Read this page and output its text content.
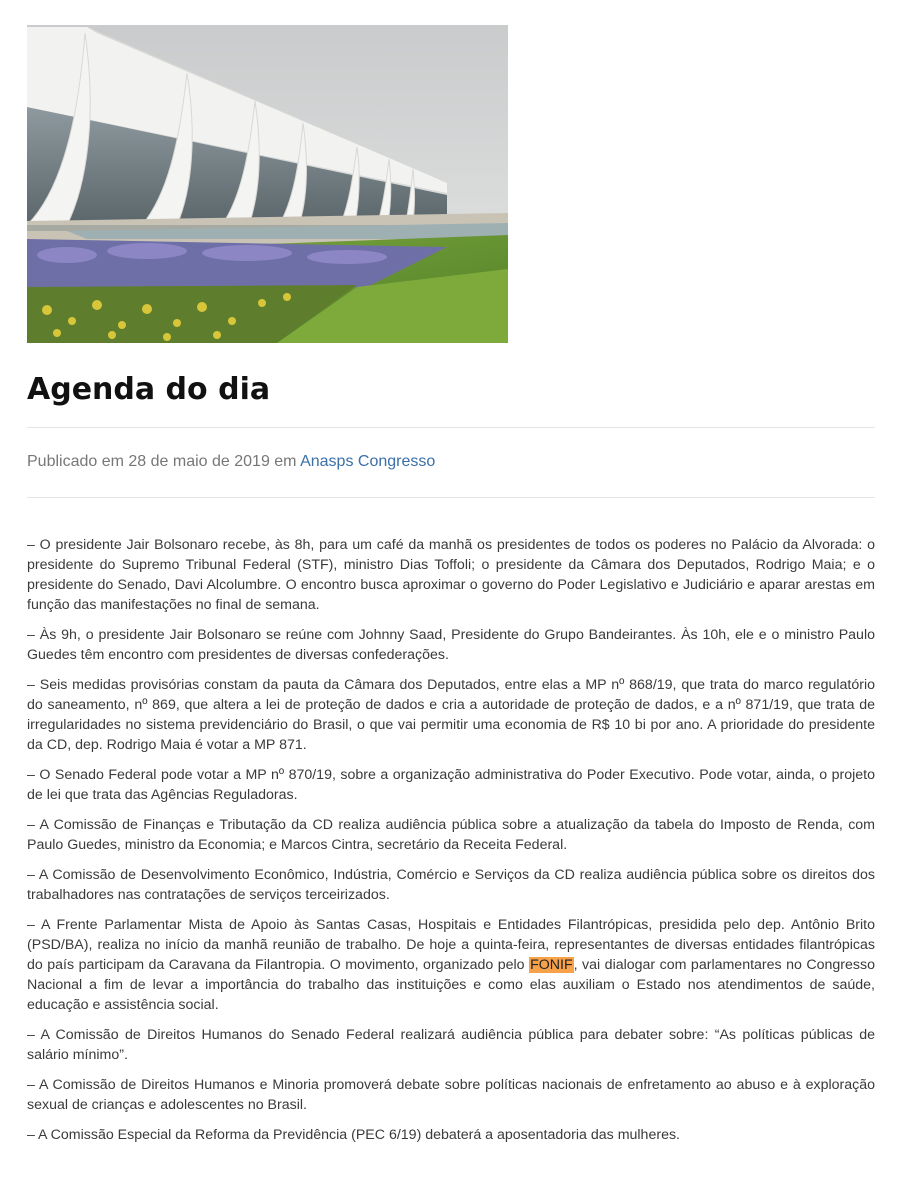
Agenda do dia
Publicado em 28 de maio de 2019 em Anasps Congresso

– O presidente Jair Bolsonaro recebe, às 8h, para um café da manhã os presidentes de todos os poderes no Palácio da Alvorada: o presidente do Supremo Tribunal Federal (STF), ministro Dias Toffoli; o presidente da Câmara dos Deputados, Rodrigo Maia; e o presidente do Senado, Davi Alcolumbre. O encontro busca aproximar o governo do Poder Legislativo e Judiciário e aparar arestas em função das manifestações no final de semana.

– Às 9h, o presidente Jair Bolsonaro se reúne com Johnny Saad, Presidente do Grupo Bandeirantes. Às 10h, ele e o ministro Paulo Guedes têm encontro com presidentes de diversas confederações.

– Seis medidas provisórias constam da pauta da Câmara dos Deputados, entre elas a MP nº 868/19, que trata do marco regulatório do saneamento, nº 869, que altera a lei de proteção de dados e cria a autoridade de proteção de dados, e a nº 871/19, que trata de irregularidades no sistema previdenciário do Brasil, o que vai permitir uma economia de R$ 10 bi por ano. A prioridade do presidente da CD, dep. Rodrigo Maia é votar a MP 871.

– O Senado Federal pode votar a MP nº 870/19, sobre a organização administrativa do Poder Executivo. Pode votar, ainda, o projeto de lei que trata das Agências Reguladoras.

– A Comissão de Finanças e Tributação da CD realiza audiência pública sobre a atualização da tabela do Imposto de Renda, com Paulo Guedes, ministro da Economia; e Marcos Cintra, secretário da Receita Federal.

– A Comissão de Desenvolvimento Econômico, Indústria, Comércio e Serviços da CD realiza audiência pública sobre os direitos dos trabalhadores nas contratações de serviços terceirizados.

– A Frente Parlamentar Mista de Apoio às Santas Casas, Hospitais e Entidades Filantrópicas, presidida pelo dep. Antônio Brito (PSD/BA), realiza no início da manhã reunião de trabalho. De hoje a quinta-feira, representantes de diversas entidades filantrópicas do país participam da Caravana da Filantropia. O movimento, organizado pelo FONIF, vai dialogar com parlamentares no Congresso Nacional a fim de levar a importância do trabalho das instituições e como elas auxiliam o Estado nos atendimentos de saúde, educação e assistência social.

– A Comissão de Direitos Humanos do Senado Federal realizará audiência pública para debater sobre: “As políticas públicas de salário mínimo”.

– A Comissão de Direitos Humanos e Minoria promoverá debate sobre políticas nacionais de enfretamento ao abuso e à exploração sexual de crianças e adolescentes no Brasil.

– A Comissão Especial da Reforma da Previdência (PEC 6/19) debaterá a aposentadoria das mulheres.
